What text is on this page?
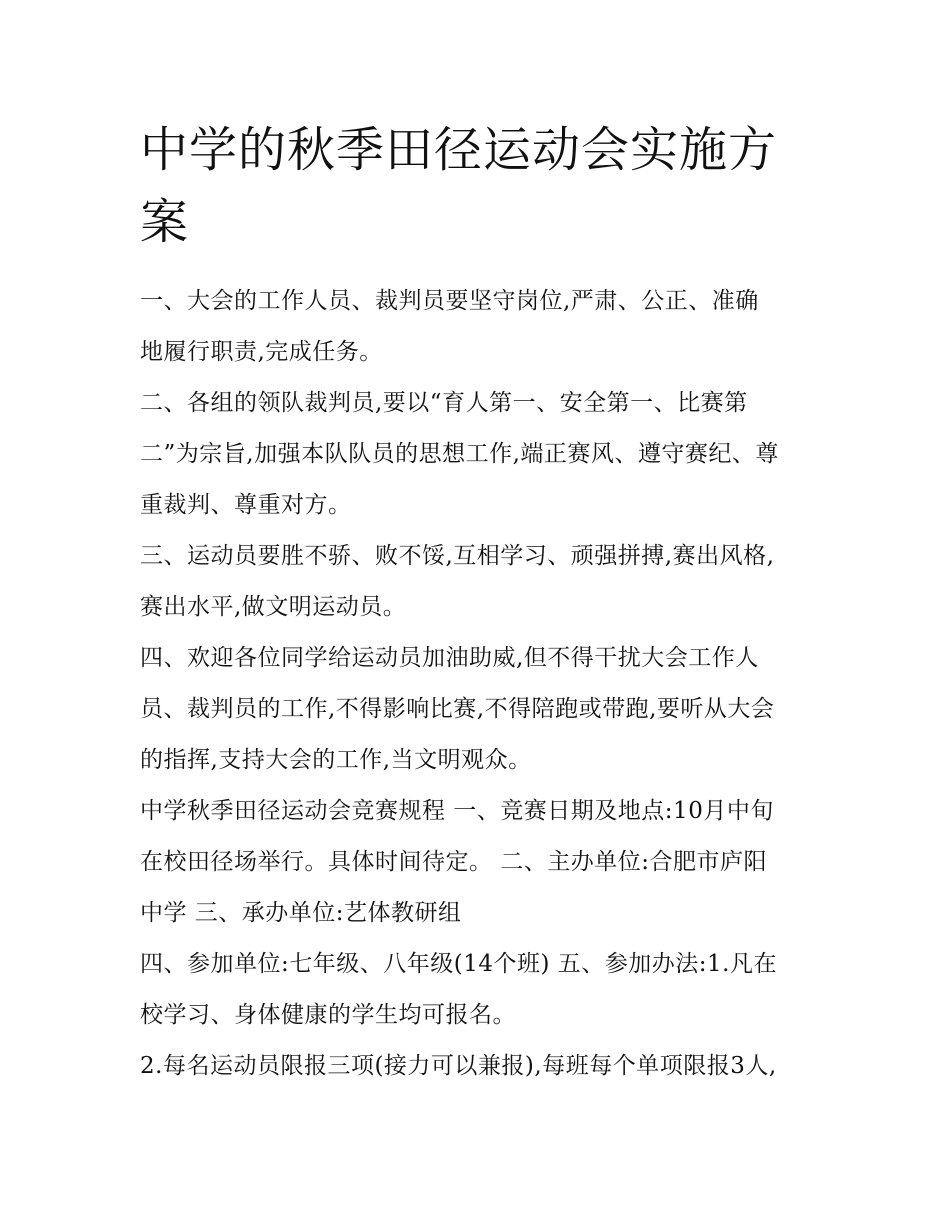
中学的秋季田径运动会实施方
案

一、大会的工作人员、裁判员要坚守岗位,严肃、公正、准确
地履行职责,完成任务。

二、各组的领队裁判员,要以“育人第一、安全第一、比赛第
二”为宗旨,加强本队队员的思想工作,端正赛风、遵守赛纪、尊
重裁判、尊重对方。

三、运动员要胜不骄、败不馁,互相学习、顽强拼搏,赛出风格,
赛出水平,做文明运动员。

四、欢迎各位同学给运动员加油助威,但不得干扰大会工作人
员、裁判员的工作,不得影响比赛,不得陪跑或带跑,要听从大会
的指挥,支持大会的工作,当文明观众。

中学秋季田径运动会竞赛规程 一、竞赛日期及地点:10月中旬
在校田径场举行。具体时间待定。 二、主办单位:合肥市庐阳
中学 三、承办单位:艺体教研组

四、参加单位:七年级、八年级(14个班) 五、参加办法:1.凡在
校学习、身体健康的学生均可报名。

2.每名运动员限报三项(接力可以兼报),每班每个单项限报3人,
